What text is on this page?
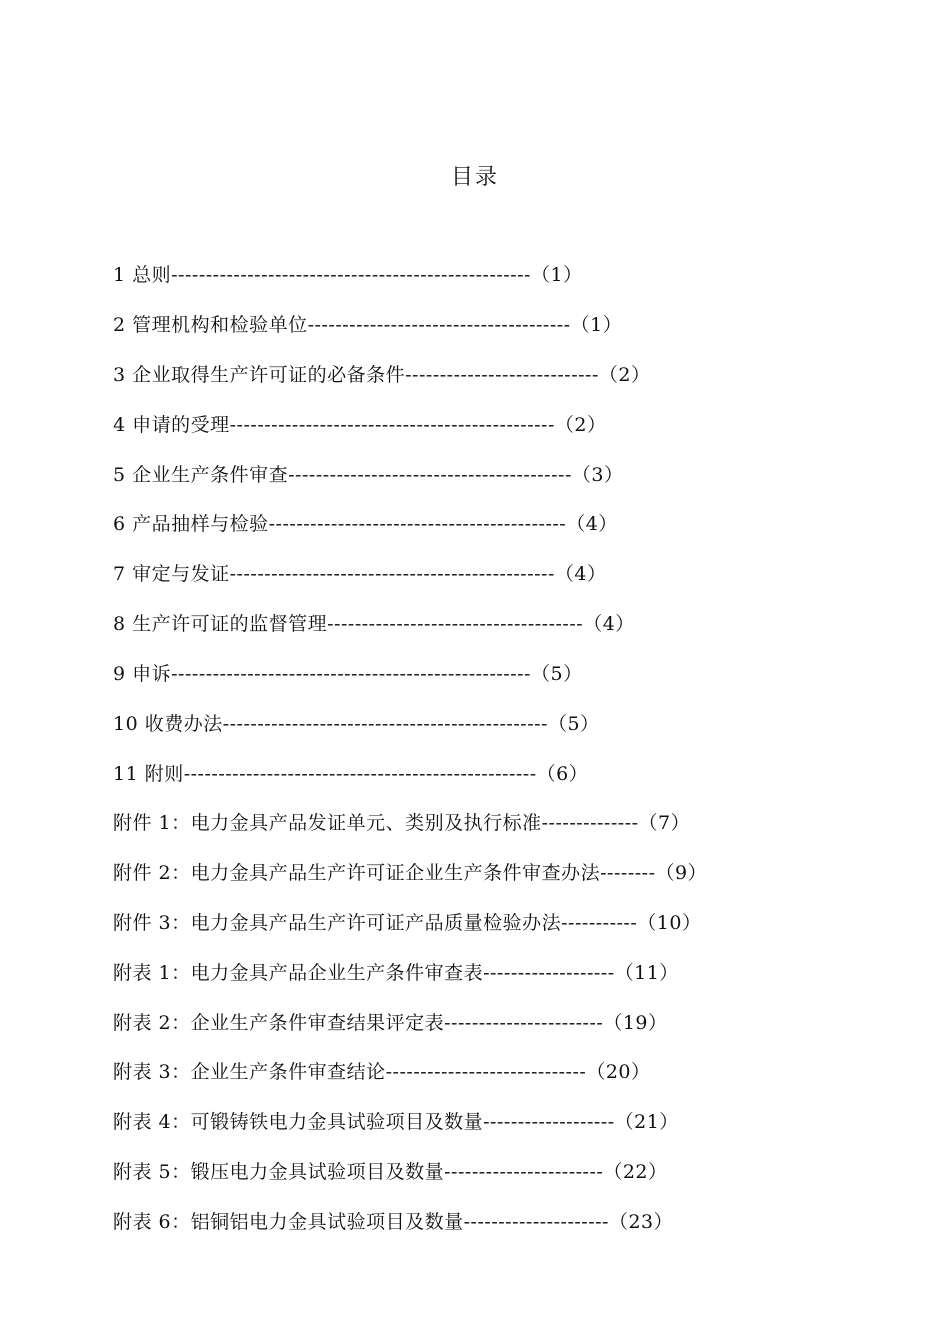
目录
1 总则----------------------------------------------------（1）
2 管理机构和检验单位--------------------------------------（1）
3 企业取得生产许可证的必备条件----------------------------（2）
4 申请的受理-----------------------------------------------（2）
5 企业生产条件审查-----------------------------------------（3）
6 产品抽样与检验-------------------------------------------（4）
7 审定与发证-----------------------------------------------（4）
8 生产许可证的监督管理-------------------------------------（4）
9 申诉----------------------------------------------------（5）
10 收费办法-----------------------------------------------（5）
11 附则---------------------------------------------------（6）
附件 1：电力金具产品发证单元、类别及执行标准--------------（7）
附件 2：电力金具产品生产许可证企业生产条件审查办法--------（9）
附件 3：电力金具产品生产许可证产品质量检验办法-----------（10）
附表 1：电力金具产品企业生产条件审查表-------------------（11）
附表 2：企业生产条件审查结果评定表-----------------------（19）
附表 3：企业生产条件审查结论-----------------------------（20）
附表 4：可锻铸铁电力金具试验项目及数量-------------------（21）
附表 5：锻压电力金具试验项目及数量-----------------------（22）
附表 6：铝铜铝电力金具试验项目及数量---------------------（23）
